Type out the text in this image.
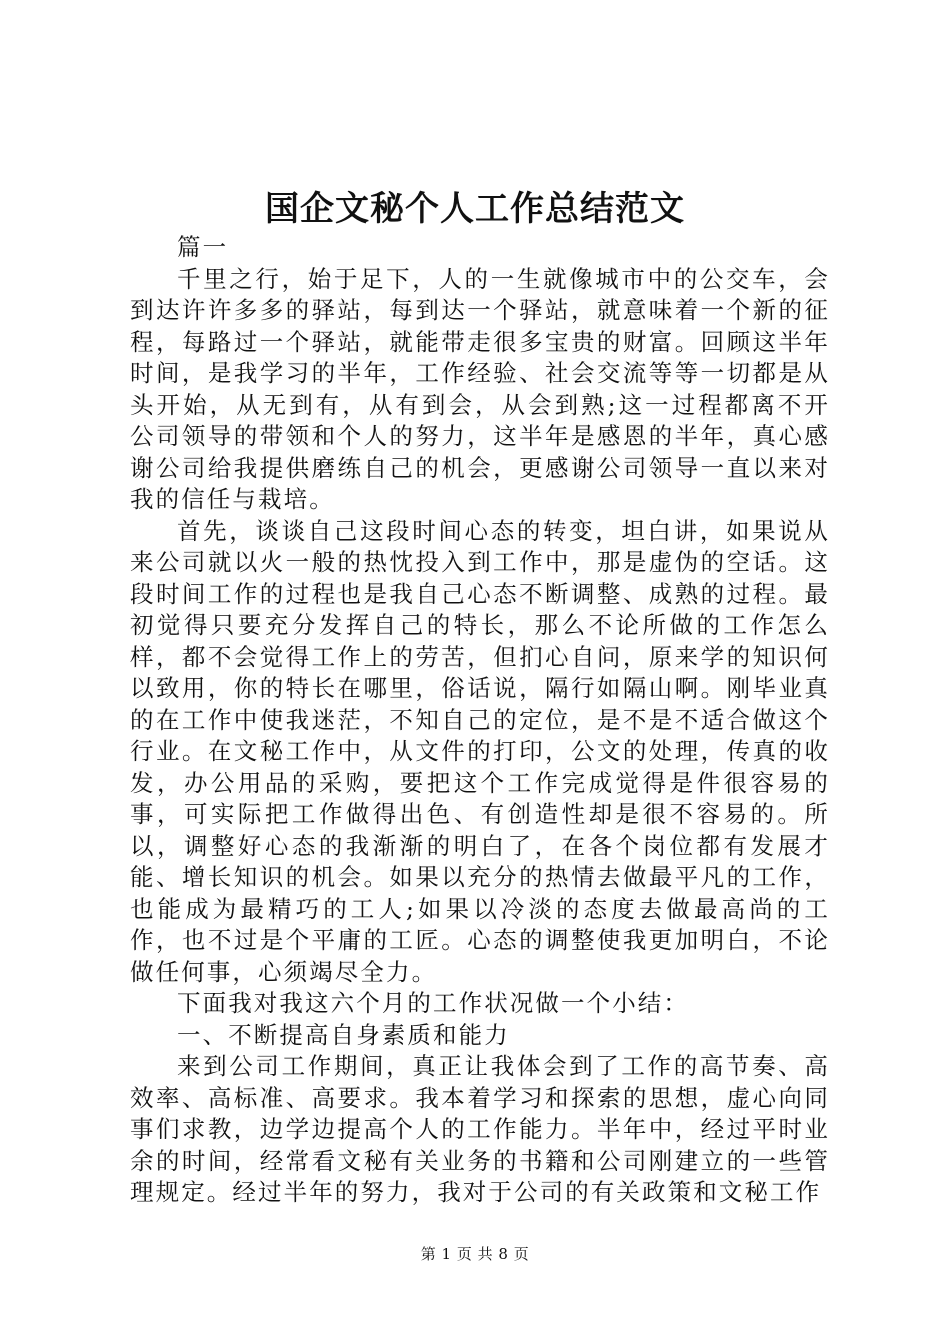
国企文秘个人工作总结范文

篇一

千里之行，始于足下，人的一生就像城市中的公交车，会到达许许多多的驿站，每到达一个驿站，就意味着一个新的征程，每路过一个驿站，就能带走很多宝贵的财富。回顾这半年时间，是我学习的半年，工作经验、社会交流等等一切都是从头开始，从无到有，从有到会，从会到熟;这一过程都离不开公司领导的带领和个人的努力，这半年是感恩的半年，真心感谢公司给我提供磨练自己的机会，更感谢公司领导一直以来对我的信任与栽培。

首先，谈谈自己这段时间心态的转变，坦白讲，如果说从来公司就以火一般的热忱投入到工作中，那是虚伪的空话。这段时间工作的过程也是我自己心态不断调整、成熟的过程。最初觉得只要充分发挥自己的特长，那么不论所做的工作怎么样，都不会觉得工作上的劳苦，但扪心自问，原来学的知识何以致用，你的特长在哪里，俗话说，隔行如隔山啊。刚毕业真的在工作中使我迷茫，不知自己的定位，是不是不适合做这个行业。在文秘工作中，从文件的打印，公文的处理，传真的收发，办公用品的采购，要把这个工作完成觉得是件很容易的事，可实际把工作做得出色、有创造性却是很不容易的。所以，调整好心态的我渐渐的明白了，在各个岗位都有发展才能、增长知识的机会。如果以充分的热情去做最平凡的工作，也能成为最精巧的工人;如果以冷淡的态度去做最高尚的工作，也不过是个平庸的工匠。心态的调整使我更加明白，不论做任何事，心须竭尽全力。

下面我对我这六个月的工作状况做一个小结：

一、不断提高自身素质和能力

来到公司工作期间，真正让我体会到了工作的高节奏、高效率、高标准、高要求。我本着学习和探索的思想，虚心向同事们求教，边学边提高个人的工作能力。半年中，经过平时业余的时间，经常看文秘有关业务的书籍和公司刚建立的一些管理规定。经过半年的努力，我对于公司的有关政策和文秘工作

第 1 页 共 8 页
